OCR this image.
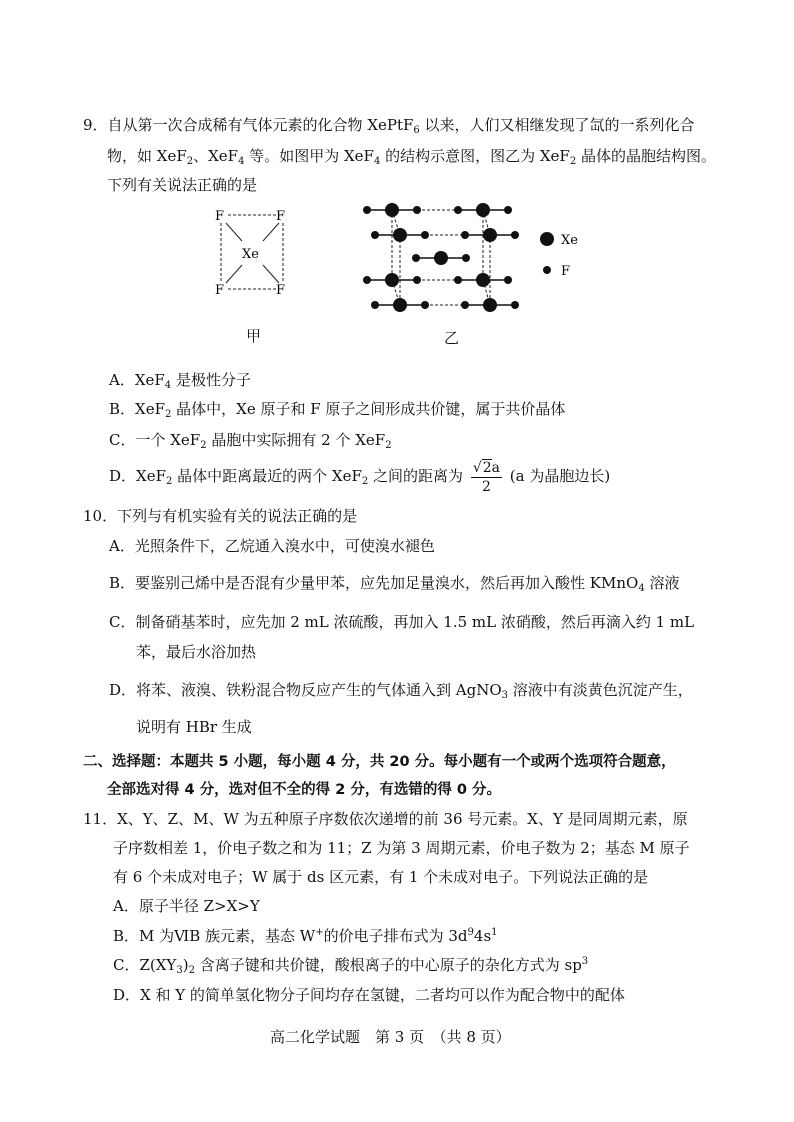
9．自从第一次合成稀有气体元素的化合物 XePtF$_6$ 以来，人们又相继发现了氙的一系列化合
物，如 XeF$_2$、XeF$_4$ 等。如图甲为 XeF$_4$ 的结构示意图，图乙为 XeF$_2$ 晶体的晶胞结构图。
下列有关说法正确的是
F	F
F	F
Xe
甲
Xe
F
乙
A．XeF$_4$ 是极性分子
B．XeF$_2$ 晶体中，Xe 原子和 F 原子之间形成共价键，属于共价晶体
C．一个 XeF$_2$ 晶胞中实际拥有 2 个 XeF$_2$
D．XeF$_2$ 晶体中距离最近的两个 XeF$_2$ 之间的距离为 $\frac{√2a}{2} (a$ 为晶胞边长)
10．下列与有机实验有关的说法正确的是
A．光照条件下，乙烷通入溴水中，可使溴水褪色
B．要鉴别己烯中是否混有少量甲苯，应先加足量溴水，然后再加入酸性 KMnO$_4$ 溶液
C．制备硝基苯时，应先加 2 mL 浓硫酸，再加入 1.5 mL 浓硝酸，然后再滴入约 1 mL
苯，最后水浴加热
D．将苯、液溴、铁粉混合物反应产生的气体通入到 AgNO$_3$ 溶液中有淡黄色沉淀产生，
说明有 HBr 生成
二、选择题：本题共 5 小题，每小题 4 分，共 20 分。每小题有一个或两个选项符合题意，
全部选对得 4 分，选对但不全的得 2 分，有选错的得 0 分。
11．X、Y、Z、M、W 为五种原子序数依次递增的前 36 号元素。X、Y 是同周期元素，原
子序数相差 1，价电子数之和为 11；Z 为第 3 周期元素，价电子数为 2；基态 M 原子
有 6 个未成对电子；W 属于 ds 区元素，有 1 个未成对电子。下列说法正确的是
A．原子半径 Z>X>Y
B．M 为ⅥB 族元素，基态 W+的价电子排布式为 $3d^94s^1$
C．$Z(XY_3)_2$ 含离子键和共价键，酸根离子的中心原子的杂化方式为 $sp^3$
D．X 和 Y 的简单氢化物分子间均存在氢键，二者均可以作为配合物中的配体
高二化学试题　第 3 页　（共 8 页）
